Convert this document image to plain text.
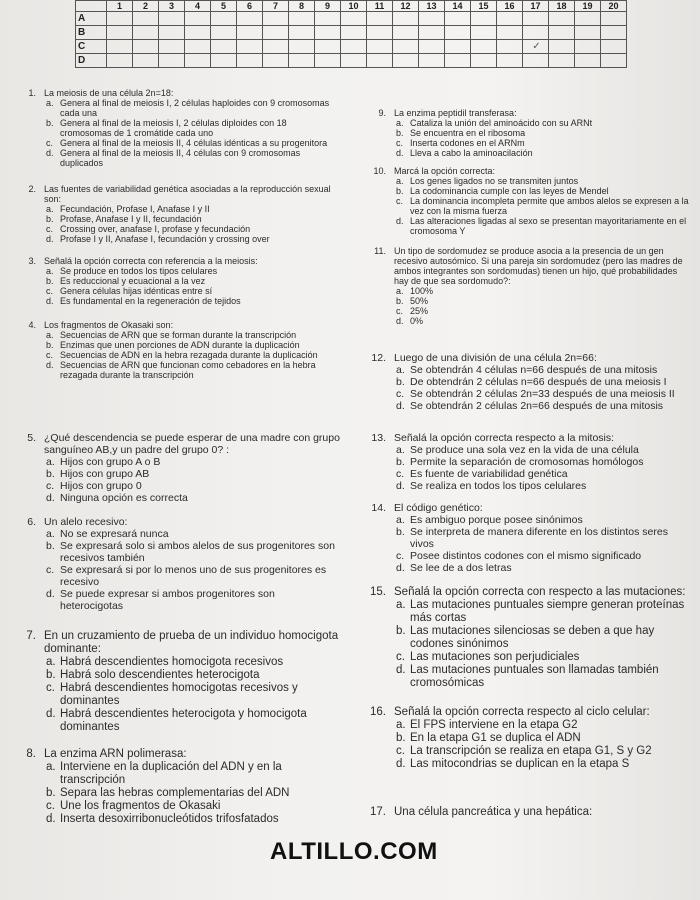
	1	2	3	4	5	6	7	8	9	10	11	12	13	14	15	16	17	18	19	20
A																				
B																				
C																	✓			
D																				
1. La meiosis de una célula 2n=18:
a. Genera al final de meiosis I, 2 células haploides con 9 cromosomas cada una
b. Genera al final de la meiosis I, 2 células diploides con 18 cromosomas de 1 cromátide cada uno
c. Genera al final de la meiosis II, 4 células idénticas a su progenitora
d. Genera al final de la meiosis II, 4 células con 9 cromosomas duplicados
2. Las fuentes de variabilidad genética asociadas a la reproducción sexual son:
a. Fecundación, Profase I, Anafase I y II
b. Profase, Anafase I y II, fecundación
c. Crossing over, anafase I, profase y fecundación
d. Profase I y II, Anafase I, fecundación y crossing over
3. Señalá la opción correcta con referencia a la meiosis:
a. Se produce en todos los tipos celulares
b. Es reduccional y ecuacional a la vez
c. Genera células hijas idénticas entre sí
d. Es fundamental en la regeneración de tejidos
4. Los fragmentos de Okasaki son:
a. Secuencias de ARN que se forman durante la transcripción
b. Enzimas que unen porciones de ADN durante la duplicación
c. Secuencias de ADN en la hebra rezagada durante la duplicación
d. Secuencias de ARN que funcionan como cebadores en la hebra rezagada durante la transcripción
5. ¿Qué descendencia se puede esperar de una madre con grupo sanguíneo AB,y un padre del grupo 0? :
a. Hijos con grupo A o B
b. Hijos con grupo AB
c. Hijos con grupo 0
d. Ninguna opción es correcta
6. Un alelo recesivo:
a. No se expresará nunca
b. Se expresará solo si ambos alelos de sus progenitores son recesivos también
c. Se expresará si por lo menos uno de sus progenitores es recesivo
d. Se puede expresar si ambos progenitores son heterocigotas
7. En un cruzamiento de prueba de un individuo homocigota dominante:
a. Habrá descendientes homocigota recesivos
b. Habrá solo descendientes heterocigota
c. Habrá descendientes homocigotas recesivos y dominantes
d. Habrá descendientes heterocigota y homocigota dominantes
8. La enzima ARN polimerasa:
a. Interviene en la duplicación del ADN y en la transcripción
b. Separa las hebras complementarias del ADN
c. Une los fragmentos de Okasaki
d. Inserta desoxirribonucleótidos trifosfatados
9. La enzima peptidil transferasa:
a. Cataliza la unión del aminoácido con su ARNt
b. Se encuentra en el ribosoma
c. Inserta codones en el ARNm
d. Lleva a cabo la aminoacilación
10. Marcá la opción correcta:
a. Los genes ligados no se transmiten juntos
b. La codominancia cumple con las leyes de Mendel
c. La dominancia incompleta permite que ambos alelos se expresen a la vez con la misma fuerza
d. Las alteraciones ligadas al sexo se presentan mayoritariamente en el cromosoma Y
11. Un tipo de sordomudez se produce asocia a la presencia de un gen recesivo autosómico. Si una pareja sin sordomudez (pero las madres de ambos integrantes son sordomudas) tienen un hijo, qué probabilidades hay de que sea sordomudo?:
a. 100%
b. 50%
c. 25%
d. 0%
12. Luego de una división de una célula 2n=66:
a. Se obtendrán 4 células n=66 después de una mitosis
b. De obtendrán 2 células n=66 después de una meiosis I
c. Se obtendrán 2 células 2n=33 después de una meiosis II
d. Se obtendrán 2 células 2n=66 después de una mitosis
13. Señalá la opción correcta respecto a la mitosis:
a. Se produce una sola vez en la vida de una célula
b. Permite la separación de cromosomas homólogos
c. Es fuente de variabilidad genética
d. Se realiza en todos los tipos celulares
14. El código genético:
a. Es ambiguo porque posee sinónimos
b. Se interpreta de manera diferente en los distintos seres vivos
c. Posee distintos codones con el mismo significado
d. Se lee de a dos letras
15. Señalá la opción correcta con respecto a las mutaciones:
a. Las mutaciones puntuales siempre generan proteínas más cortas
b. Las mutaciones silenciosas se deben a que hay codones sinónimos
c. Las mutaciones son perjudiciales
d. Las mutaciones puntuales son llamadas también cromosómicas
16. Señalá la opción correcta respecto al ciclo celular:
a. El FPS interviene en la etapa G2
b. En la etapa G1 se duplica el ADN
c. La transcripción se realiza en etapa G1, S y G2
d. Las mitocondrias se duplican en la etapa S
17. Una célula pancreática y una hepática:
ALTILLO.COM
